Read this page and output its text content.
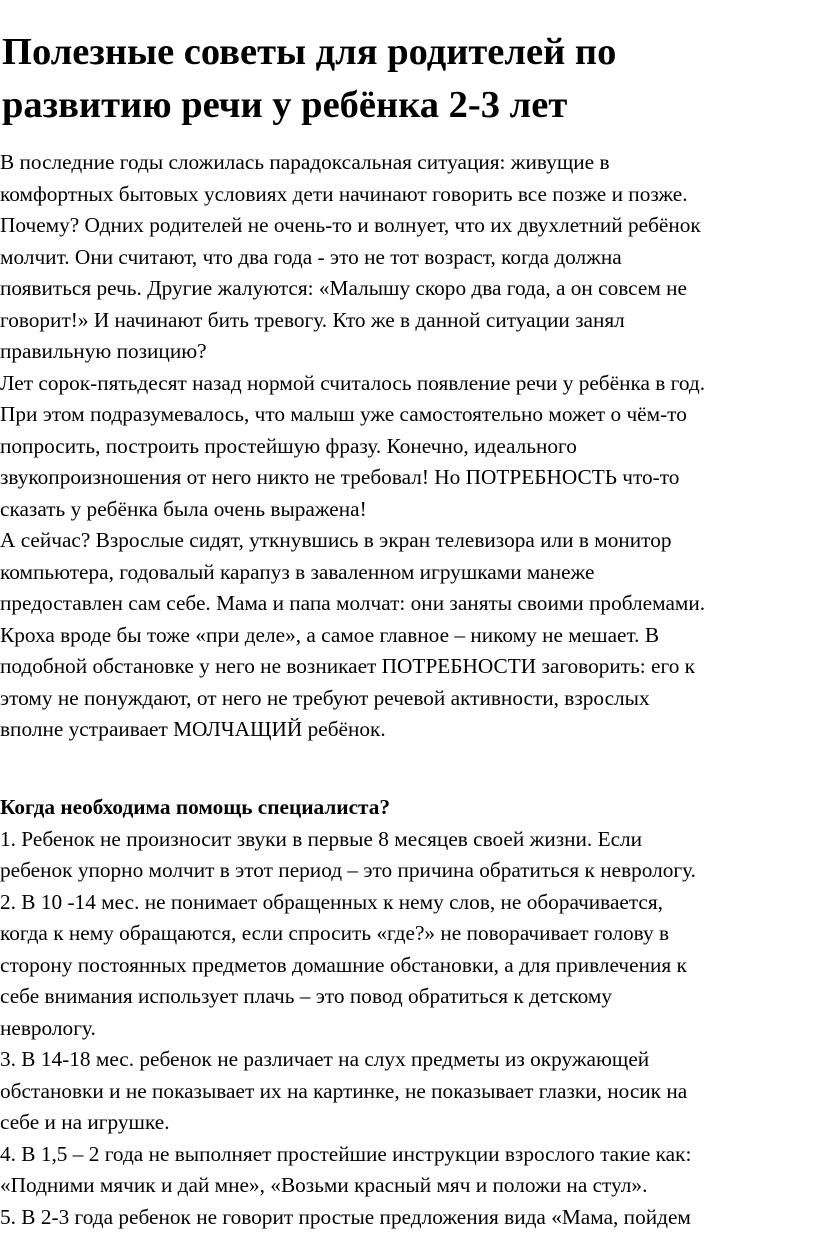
Полезные советы для родителей по
развитию речи у ребёнка 2-3 лет
В последние годы сложилась парадоксальная ситуация: живущие в
комфортных бытовых условиях дети начинают говорить все позже и позже.
Почему? Одних родителей не очень-то и волнует, что их двухлетний ребёнок
молчит. Они считают, что два года - это не тот возраст, когда должна
появиться речь. Другие жалуются: «Малышу скоро два года, а он совсем не
говорит!» И начинают бить тревогу. Кто же в данной ситуации занял
правильную позицию?
Лет сорок-пятьдесят назад нормой считалось появление речи у ребёнка в год.
При этом подразумевалось, что малыш уже самостоятельно может о чём-то
попросить, построить простейшую фразу. Конечно, идеального
звукопроизношения от него никто не требовал! Но ПОТРЕБНОСТЬ что-то
сказать у ребёнка была очень выражена!
А сейчас? Взрослые сидят, уткнувшись в экран телевизора или в монитор
компьютера, годовалый карапуз в заваленном игрушками манеже
предоставлен сам себе. Мама и папа молчат: они заняты своими проблемами.
Кроха вроде бы тоже «при деле», а самое главное – никому не мешает. В
подобной обстановке у него не возникает ПОТРЕБНОСТИ заговорить: его к
этому не понуждают, от него не требуют речевой активности, взрослых
вполне устраивает МОЛЧАЩИЙ ребёнок.
Когда необходима помощь специалиста?
1. Ребенок не произносит звуки в первые 8 месяцев своей жизни. Если
ребенок упорно молчит в этот период – это причина обратиться к неврологу.
2. В 10 -14 мес. не понимает обращенных к нему слов, не оборачивается,
когда к нему обращаются, если спросить «где?» не поворачивает голову в
сторону постоянных предметов домашние обстановки, а для привлечения к
себе внимания использует плачь – это повод обратиться к детскому
неврологу.
3. В 14-18 мес. ребенок не различает на слух предметы из окружающей
обстановки и не показывает их на картинке, не показывает глазки, носик на
себе и на игрушке.
4. В 1,5 – 2 года не выполняет простейшие инструкции взрослого такие как:
«Подними мячик и дай мне», «Возьми красный мяч и положи на стул».
5. В 2-3 года ребенок не говорит простые предложения вида «Мама, пойдем
